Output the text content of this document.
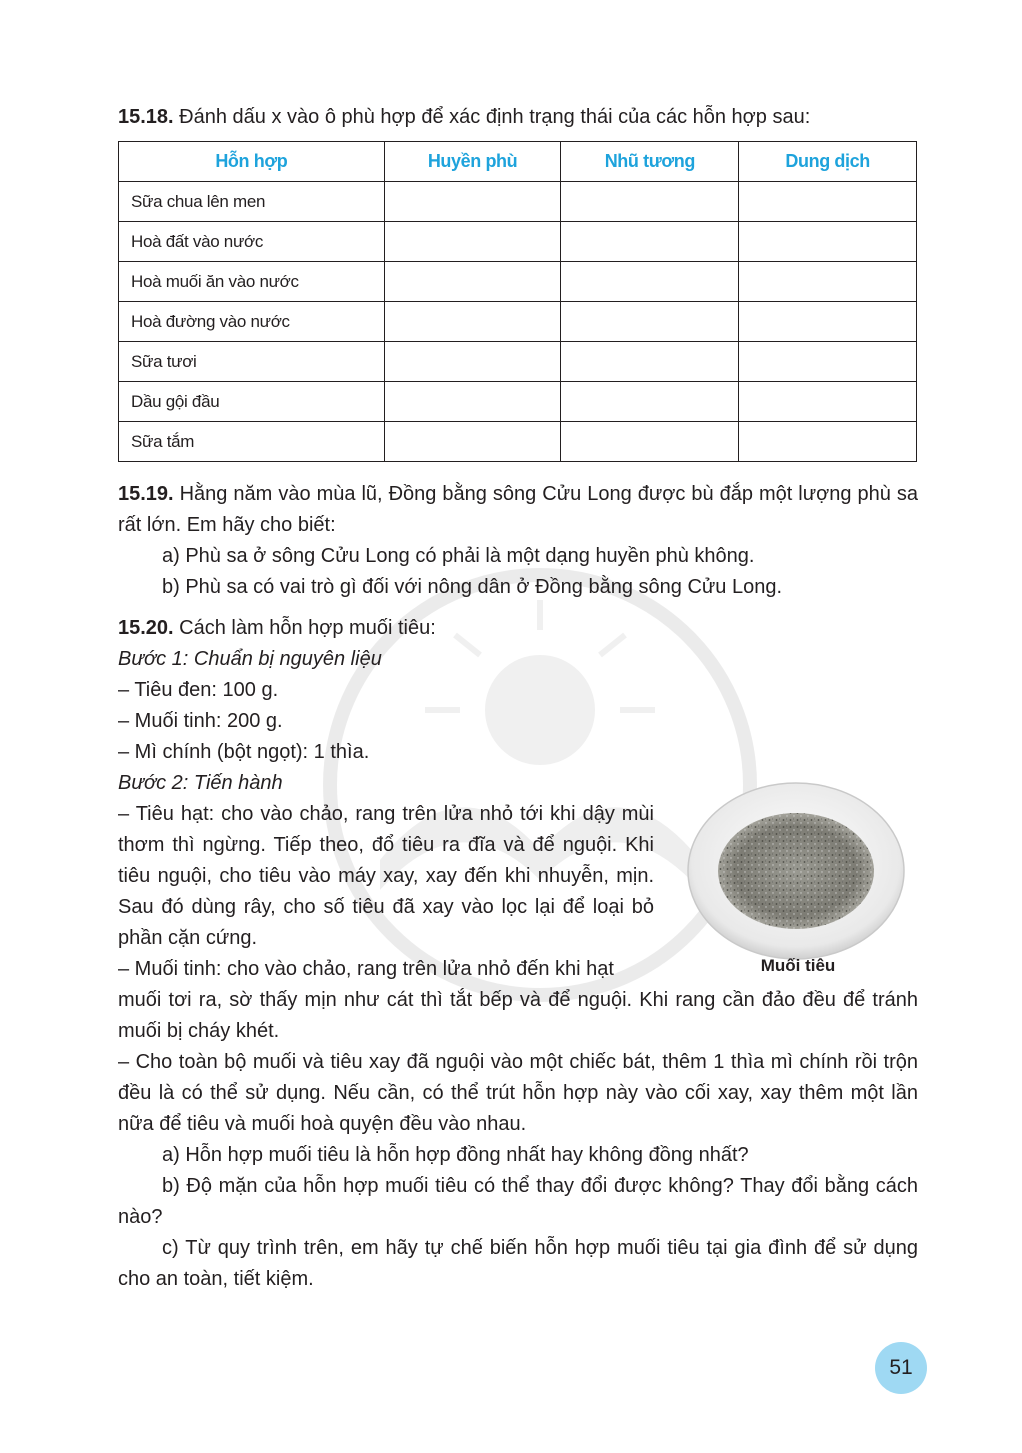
15.18. Đánh dấu x vào ô phù hợp để xác định trạng thái của các hỗn hợp sau:

Hỗn hợp	Huyền phù	Nhũ tương	Dung dịch
Sữa chua lên men			
Hoà đất vào nước			
Hoà muối ăn vào nước			
Hoà đường vào nước			
Sữa tươi			
Dầu gội đầu			
Sữa tắm			

15.19. Hằng năm vào mùa lũ, Đồng bằng sông Cửu Long được bù đắp một lượng phù sa rất lớn. Em hãy cho biết:

a) Phù sa ở sông Cửu Long có phải là một dạng huyền phù không.

b) Phù sa có vai trò gì đối với nông dân ở Đồng bằng sông Cửu Long.

15.20. Cách làm hỗn hợp muối tiêu:

Bước 1: Chuẩn bị nguyên liệu

– Tiêu đen: 100 g.

– Muối tinh: 200 g.

– Mì chính (bột ngọt): 1 thìa.

Bước 2: Tiến hành

– Tiêu hạt: cho vào chảo, rang trên lửa nhỏ tới khi dậy mùi thơm thì ngừng. Tiếp theo, đổ tiêu ra đĩa và để nguội. Khi tiêu nguội, cho tiêu vào máy xay, xay đến khi nhuyễn, mịn. Sau đó dùng rây, cho số tiêu đã xay vào lọc lại để loại bỏ phần cặn cứng.

– Muối tinh: cho vào chảo, rang trên lửa nhỏ đến khi hạt

muối tơi ra, sờ thấy mịn như cát thì tắt bếp và để nguội. Khi rang cần đảo đều để tránh muối bị cháy khét.

– Cho toàn bộ muối và tiêu xay đã nguội vào một chiếc bát, thêm 1 thìa mì chính rồi trộn đều là có thể sử dụng. Nếu cần, có thể trút hỗn hợp này vào cối xay, xay thêm một lần nữa để tiêu và muối hoà quyện đều vào nhau.

a) Hỗn hợp muối tiêu là hỗn hợp đồng nhất hay không đồng nhất?

b) Độ mặn của hỗn hợp muối tiêu có thể thay đổi được không? Thay đổi bằng cách nào?

c) Từ quy trình trên, em hãy tự chế biến hỗn hợp muối tiêu tại gia đình để sử dụng cho an toàn, tiết kiệm.

Muối tiêu
51
